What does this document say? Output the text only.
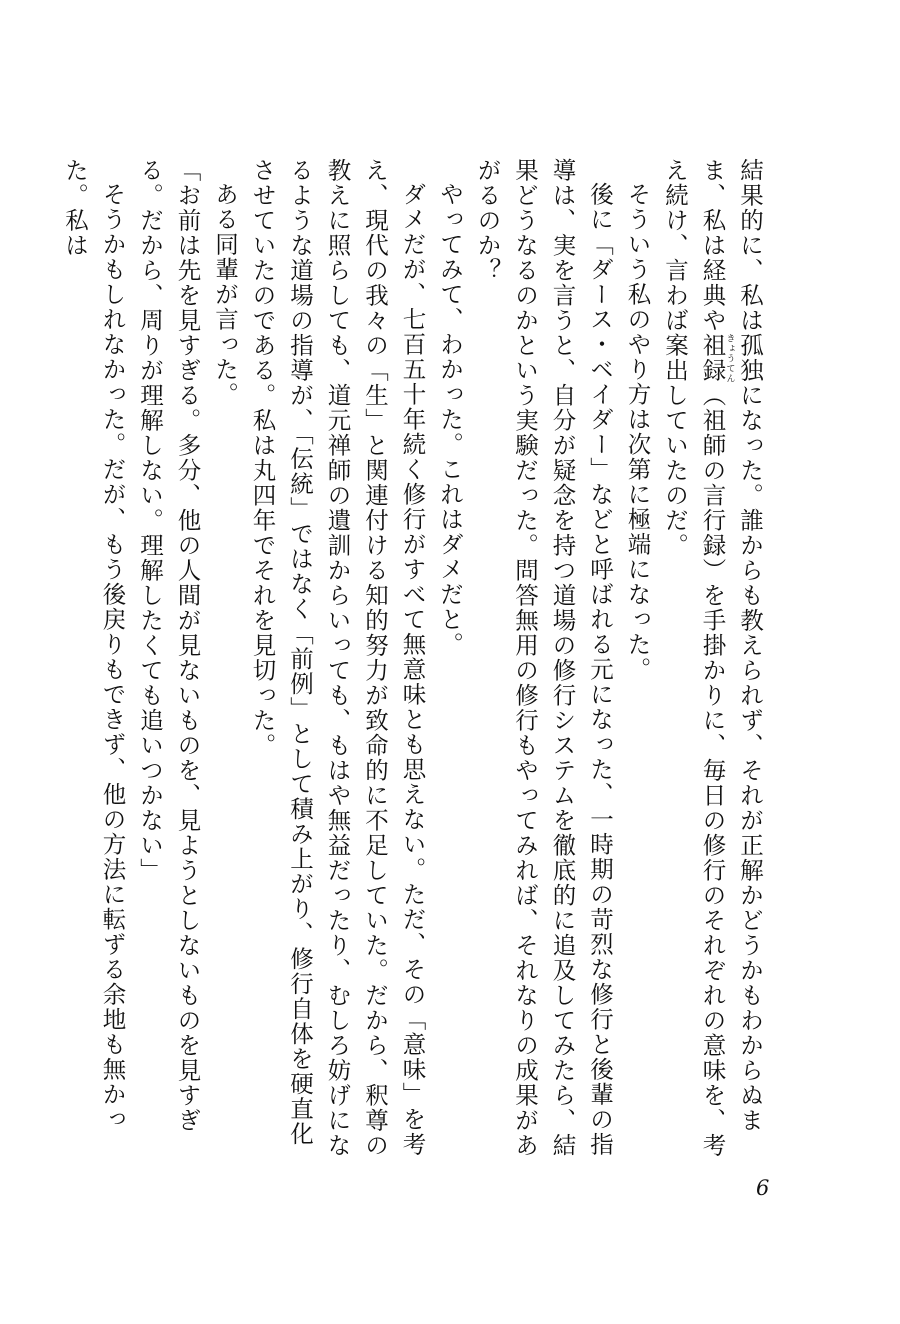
結果的に、私は孤独になった。誰からも教えられず、それが正解かどうかもわからぬまま、私は経典や祖録きょうてん（祖師の言行録）を手掛かりに、毎日の修行のそれぞれの意味を、考え続け、言わば案出していたのだ。

そういう私のやり方は次第に極端になった。

後に「ダース・ベイダー」などと呼ばれる元になった、一時期の苛烈な修行と後輩の指導は、実を言うと、自分が疑念を持つ道場の修行システムを徹底的に追及してみたら、結果どうなるのかという実験だった。問答無用の修行もやってみれば、それなりの成果があがるのか？

やってみて、わかった。これはダメだと。

ダメだが、七百五十年続く修行がすべて無意味とも思えない。ただ、その「意味」を考え、現代の我々の「生」と関連付ける知的努力が致命的に不足していた。だから、釈尊の教えに照らしても、道元禅師の遺訓からいっても、もはや無益だったり、むしろ妨げになるような道場の指導が、「伝統」ではなく「前例」として積み上がり、修行自体を硬直化させていたのである。私は丸四年でそれを見切った。

ある同輩が言った。

「お前は先を見すぎる。多分、他の人間が見ないものを、見ようとしないものを見すぎる。だから、周りが理解しない。理解したくても追いつかない」

そうかもしれなかった。だが、もう後戻りもできず、他の方法に転ずる余地も無かった。私は

6
